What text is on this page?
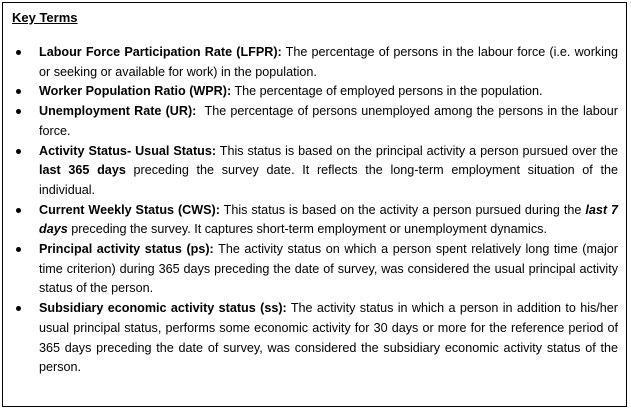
Key Terms
Labour Force Participation Rate (LFPR): The percentage of persons in the labour force (i.e. working or seeking or available for work) in the population.
Worker Population Ratio (WPR): The percentage of employed persons in the population.
Unemployment Rate (UR):  The percentage of persons unemployed among the persons in the labour force.
Activity Status- Usual Status: This status is based on the principal activity a person pursued over the last 365 days preceding the survey date. It reflects the long-term employment situation of the individual.
Current Weekly Status (CWS): This status is based on the activity a person pursued during the last 7 days preceding the survey. It captures short-term employment or unemployment dynamics.
Principal activity status (ps): The activity status on which a person spent relatively long time (major time criterion) during 365 days preceding the date of survey, was considered the usual principal activity status of the person.
Subsidiary economic activity status (ss): The activity status in which a person in addition to his/her usual principal status, performs some economic activity for 30 days or more for the reference period of 365 days preceding the date of survey, was considered the subsidiary economic activity status of the person.
